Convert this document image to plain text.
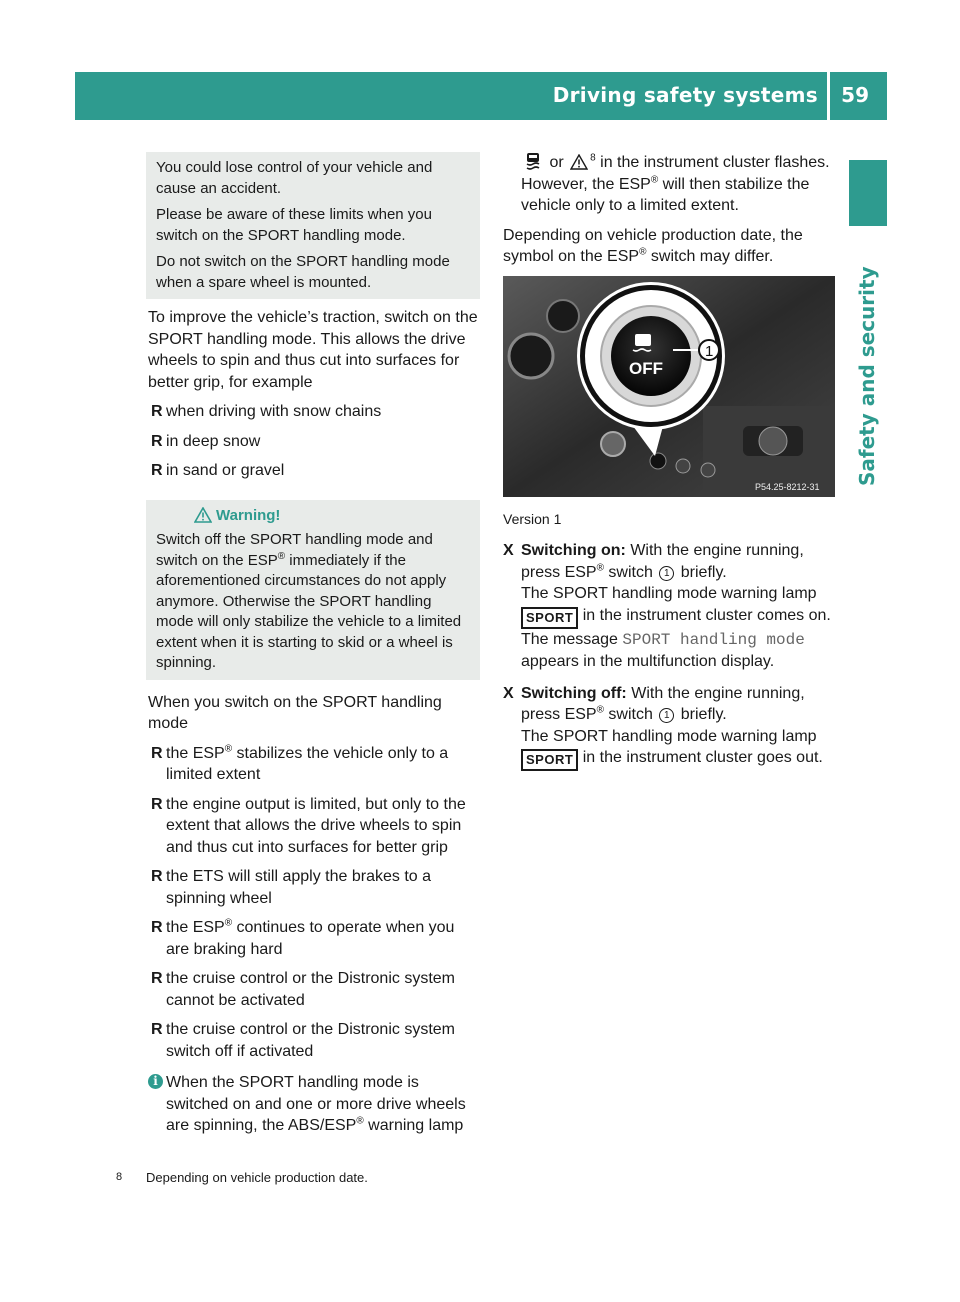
Driving safety systems 59
Safety and security

You could lose control of your vehicle and cause an accident.

Please be aware of these limits when you switch on the SPORT handling mode.

Do not switch on the SPORT handling mode when a spare wheel is mounted.

To improve the vehicle’s traction, switch on the SPORT handling mode. This allows the drive wheels to spin and thus cut into surfaces for better grip, for example

R when driving with snow chains
R in deep snow
R in sand or gravel
Warning!

Switch off the SPORT handling mode and switch on the ESP® immediately if the aforementioned circumstances do not apply anymore. Otherwise the SPORT handling mode will only stabilize the vehicle to a limited extent when it is starting to skid or a wheel is spinning.

When you switch on the SPORT handling mode

R the ESP® stabilizes the vehicle only to a limited extent
R the engine output is limited, but only to the extent that allows the drive wheels to spin and thus cut into surfaces for better grip
R the ETS will still apply the brakes to a spinning wheel
R the ESP® continues to operate when you are braking hard
R the cruise control or the Distronic system cannot be activated
R the cruise control or the Distronic system switch off if activated
i When the SPORT handling mode is switched on and one or more drive wheels are spinning, the ABS/ESP® warning lamp

or	$^8$ in the instrument cluster flashes. However, the ESP® will then stabilize the vehicle only to a limited extent.

Depending on vehicle production date, the symbol on the ESP® switch may differ.

OFF
1
P54.25-8212-31
Version 1
X Switching on: With the engine running, press ESP® switch 1 briefly.
The SPORT handling mode warning lamp
SPORT in the instrument cluster comes on.
The message SPORT handling mode appears in the multifunction display.
X Switching off: With the engine running, press ESP® switch 1 briefly.
The SPORT handling mode warning lamp
SPORT in the instrument cluster goes out.
8 Depending on vehicle production date.
